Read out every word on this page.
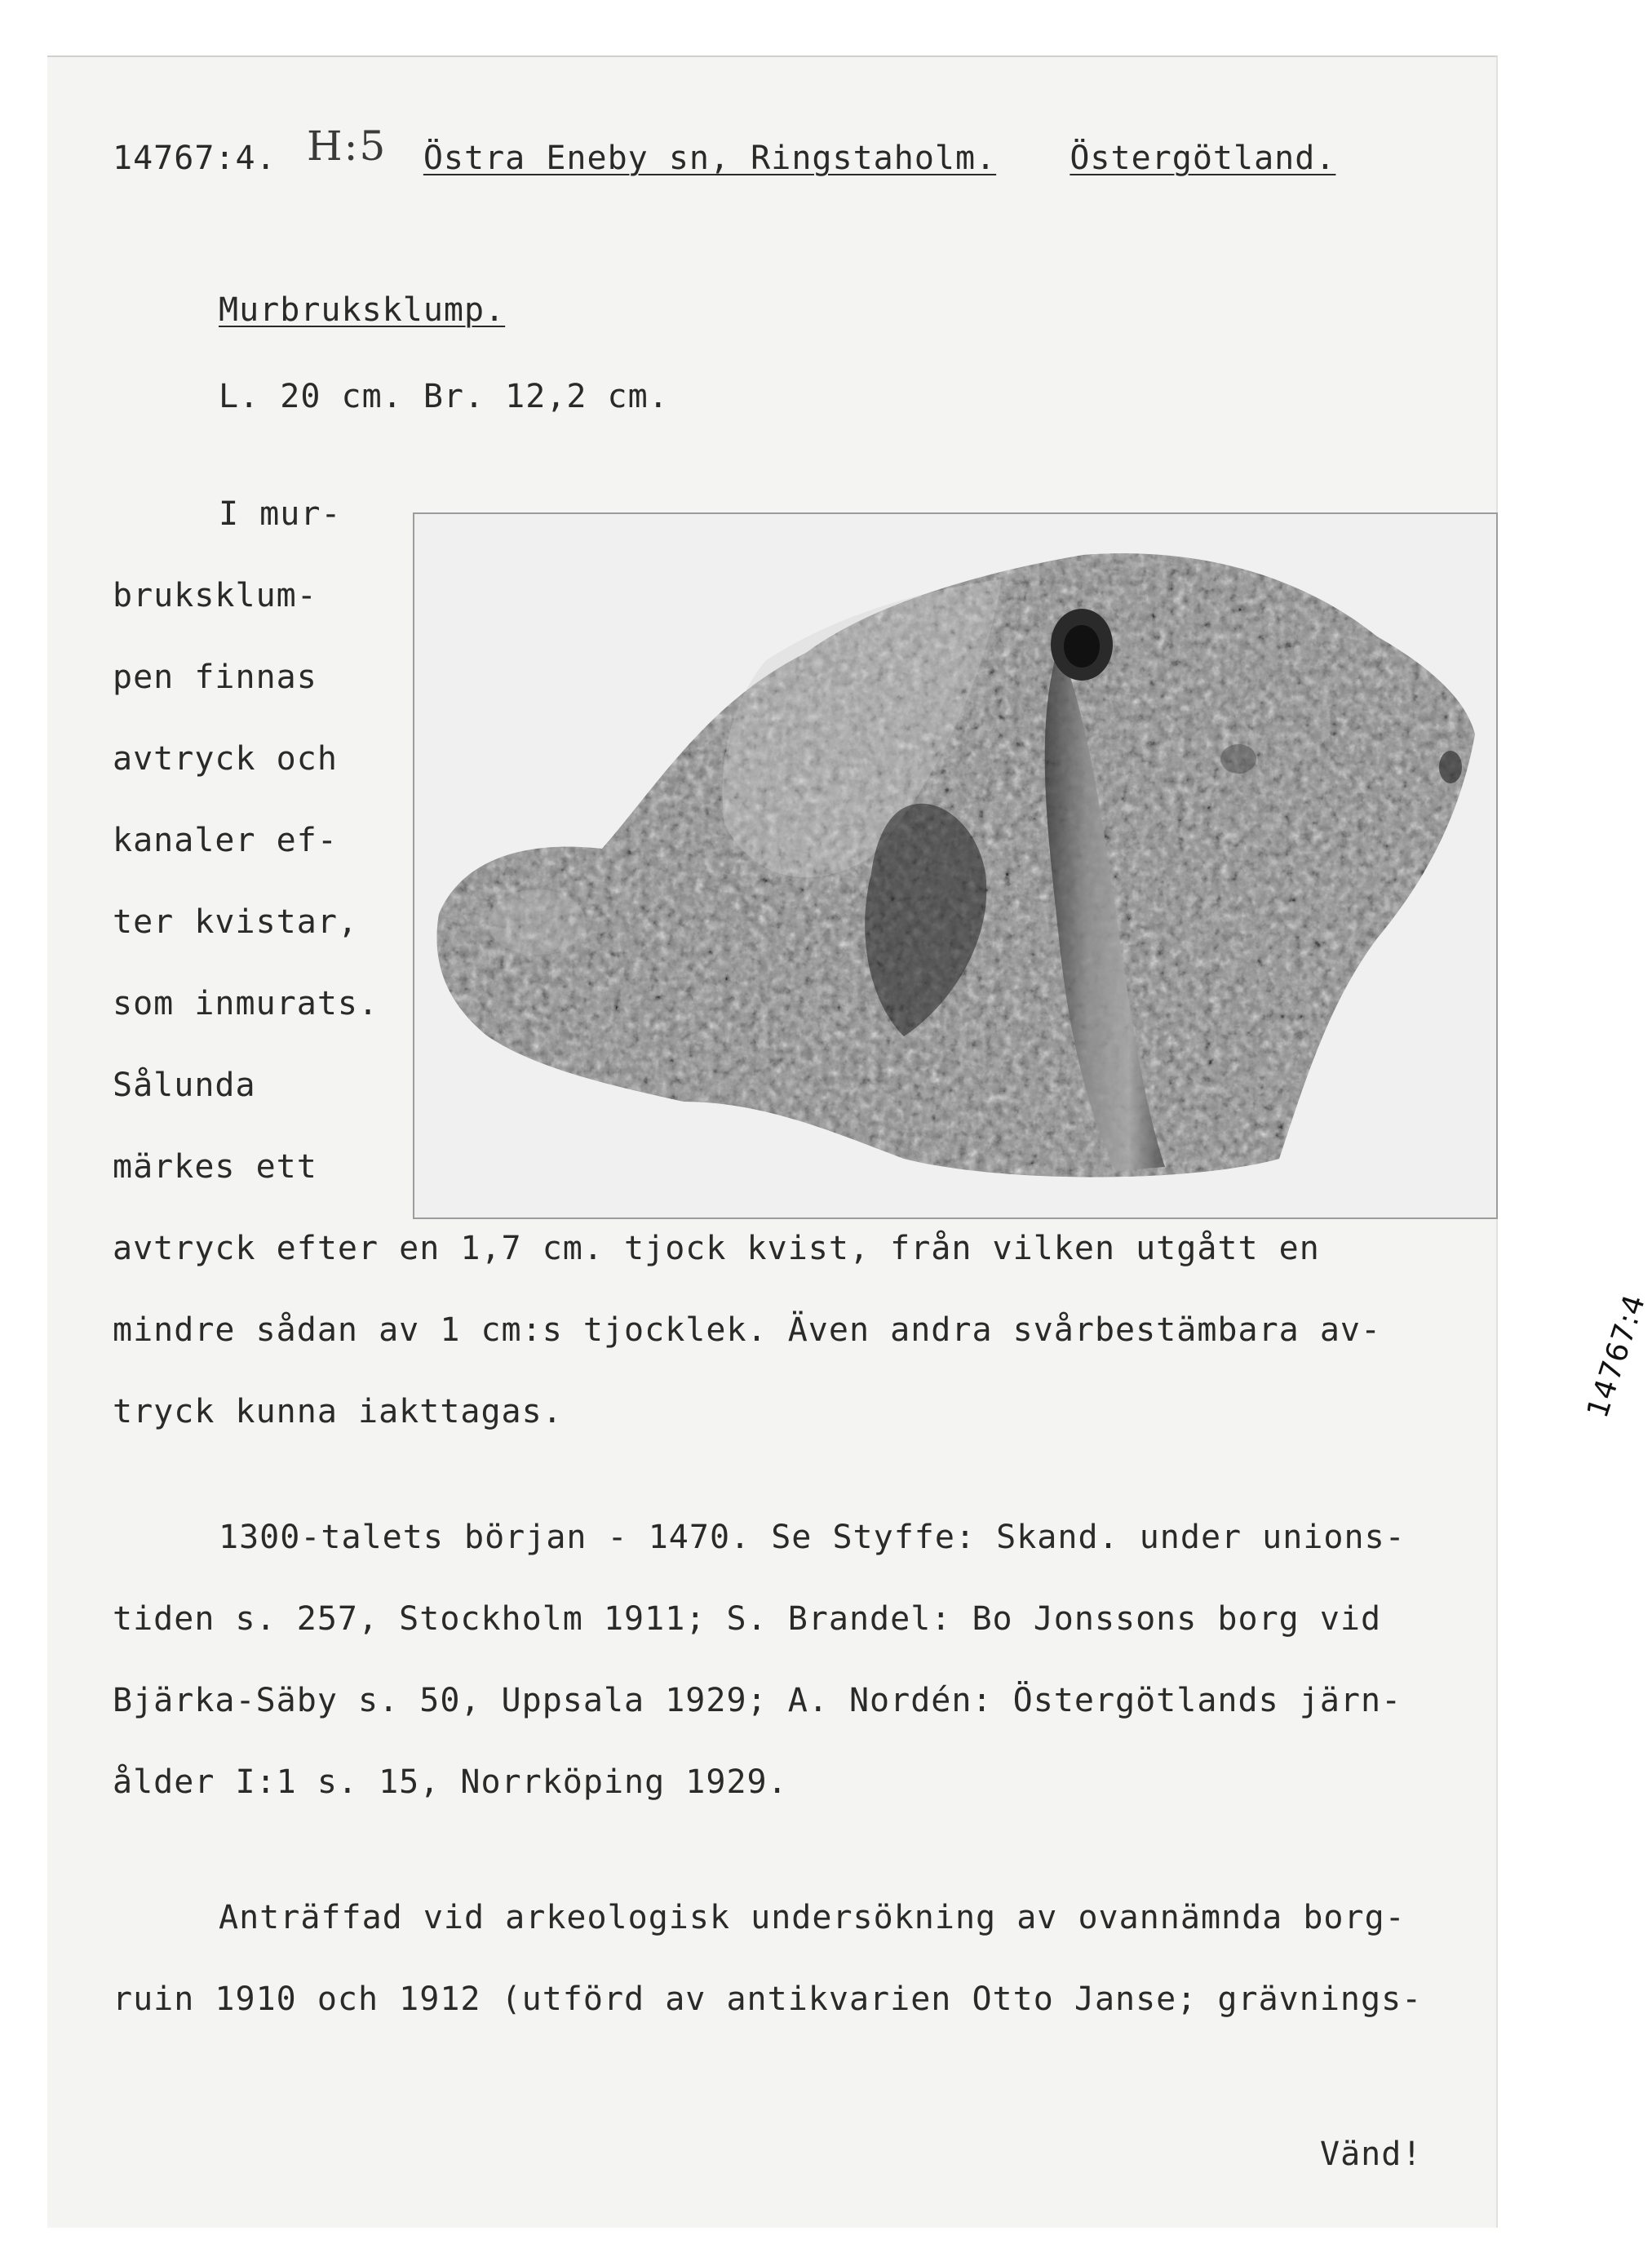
H:5
14767:4.	Östra Eneby sn, Ringstaholm. Östergötland.
Murbruksklump.
L. 20 cm. Br. 12,2 cm.
I mur-
bruksklum-
pen finnas
avtryck och
kanaler ef-
ter kvistar,
som inmurats.
Sålunda
märkes ett
14767:4
avtryck efter en 1,7 cm. tjock kvist, från vilken utgått en
mindre sådan av 1 cm:s tjocklek. Även andra svårbestämbara av-
tryck kunna iakttagas.
1300-talets början - 1470. Se Styffe: Skand. under unions-
tiden s. 257, Stockholm 1911; S. Brandel: Bo Jonssons borg vid
Bjärka-Säby s. 50, Uppsala 1929; A. Nordén: Östergötlands järn-
ålder I:1 s. 15, Norrköping 1929.
Anträffad vid arkeologisk undersökning av ovannämnda borg-
ruin 1910 och 1912 (utförd av antikvarien Otto Janse; grävnings-
Vänd!
